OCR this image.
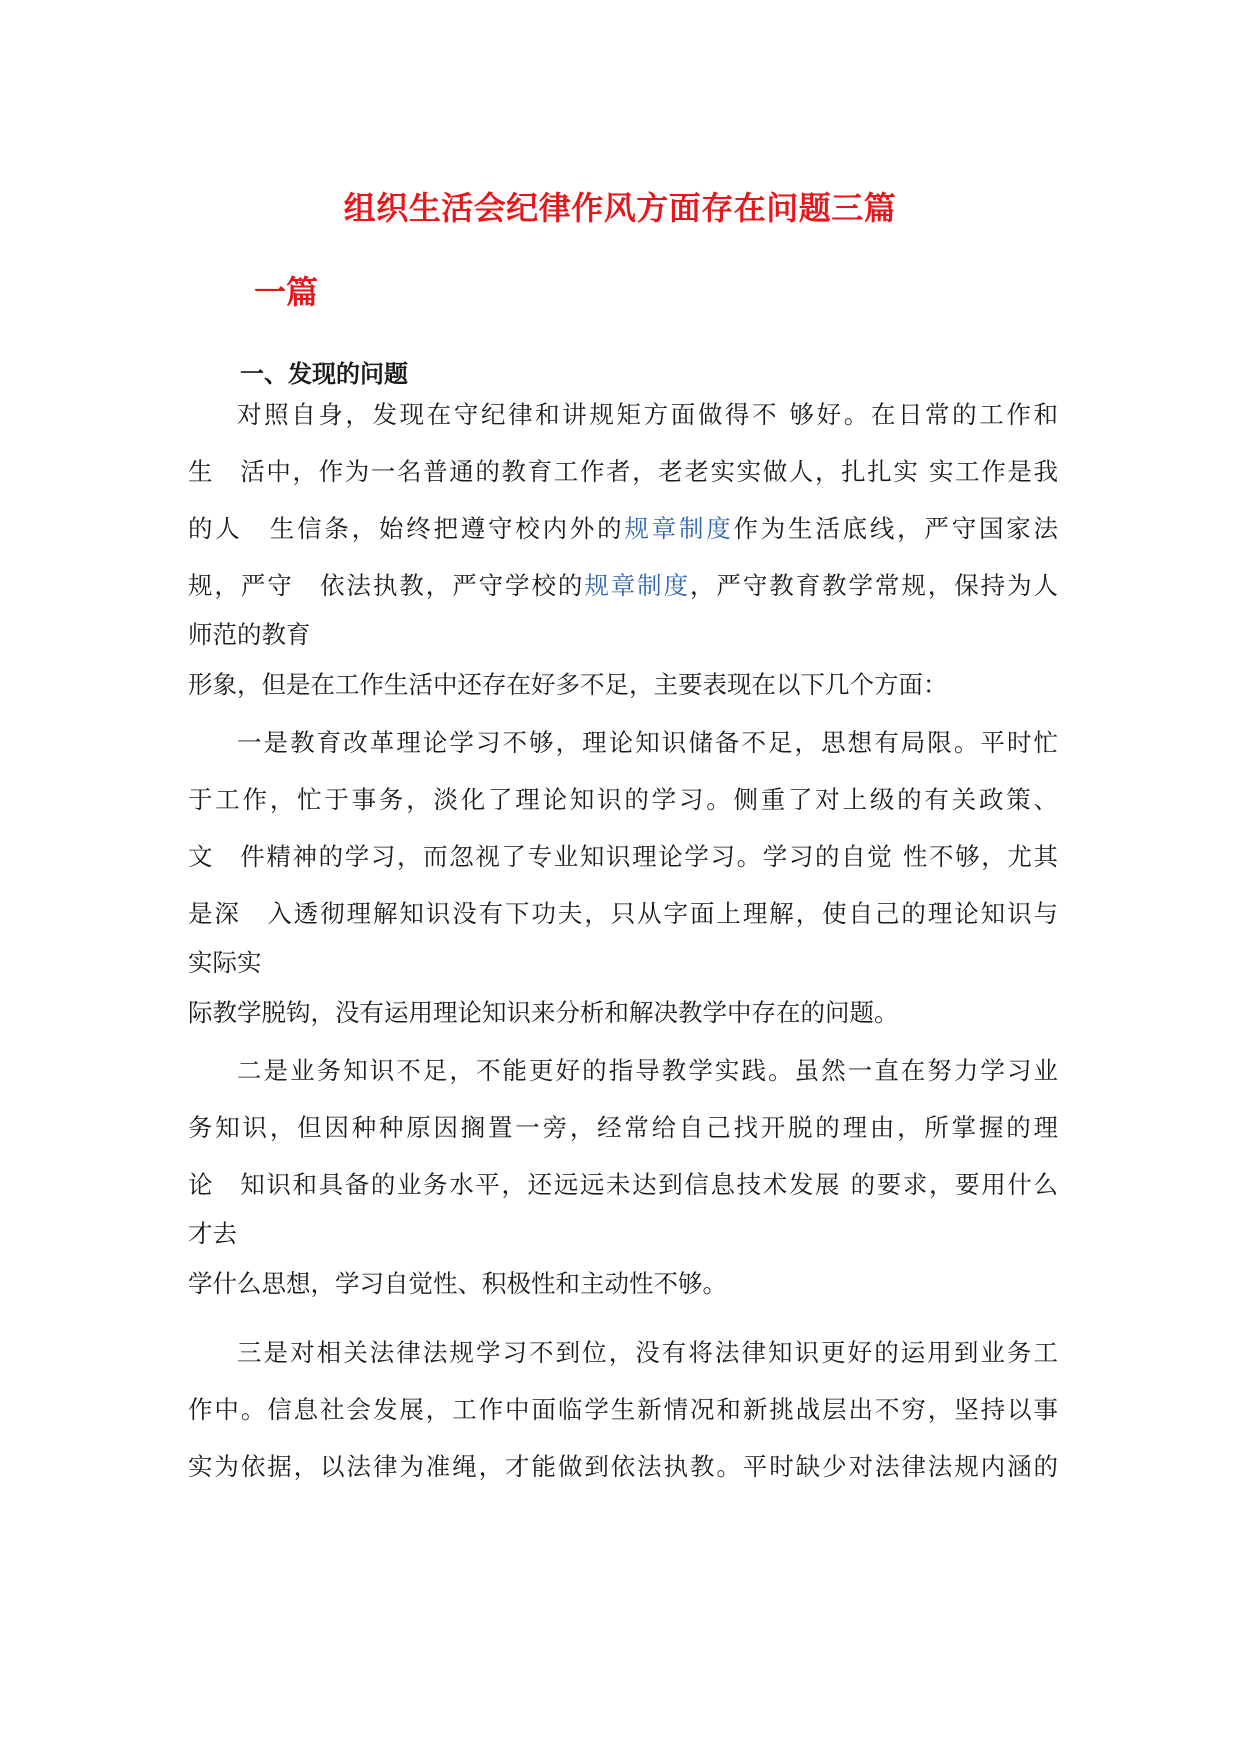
组织生活会纪律作风方面存在问题三篇
一篇
一、发现的问题
对照自身，发现在守纪律和讲规矩方面做得不 够好。在日常的工作和
生　活中，作为一名普通的教育工作者，老老实实做人，扎扎实 实工作是我
的人　生信条，始终把遵守校内外的规章制度作为生活底线，严守国家法
规，严守　依法执教，严守学校的规章制度，严守教育教学常规，保持为人
师范的教育
形象，但是在工作生活中还存在好多不足，主要表现在以下几个方面：
一是教育改革理论学习不够，理论知识储备不足，思想有局限。平时忙
于工作，忙于事务，淡化了理论知识的学习。侧重了对上级的有关政策、
文　件精神的学习，而忽视了专业知识理论学习。学习的自觉 性不够，尤其
是深　入透彻理解知识没有下功夫，只从字面上理解，使自己的理论知识与
实际实
际教学脱钩，没有运用理论知识来分析和解决教学中存在的问题。
二是业务知识不足，不能更好的指导教学实践。虽然一直在努力学习业
务知识，但因种种原因搁置一旁，经常给自己找开脱的理由，所掌握的理
论　知识和具备的业务水平，还远远未达到信息技术发展 的要求，要用什么
才去
学什么思想，学习自觉性、积极性和主动性不够。
三是对相关法律法规学习不到位，没有将法律知识更好的运用到业务工
作中。信息社会发展，工作中面临学生新情况和新挑战层出不穷，坚持以事
实为依据，以法律为准绳，才能做到依法执教。平时缺少对法律法规内涵的
